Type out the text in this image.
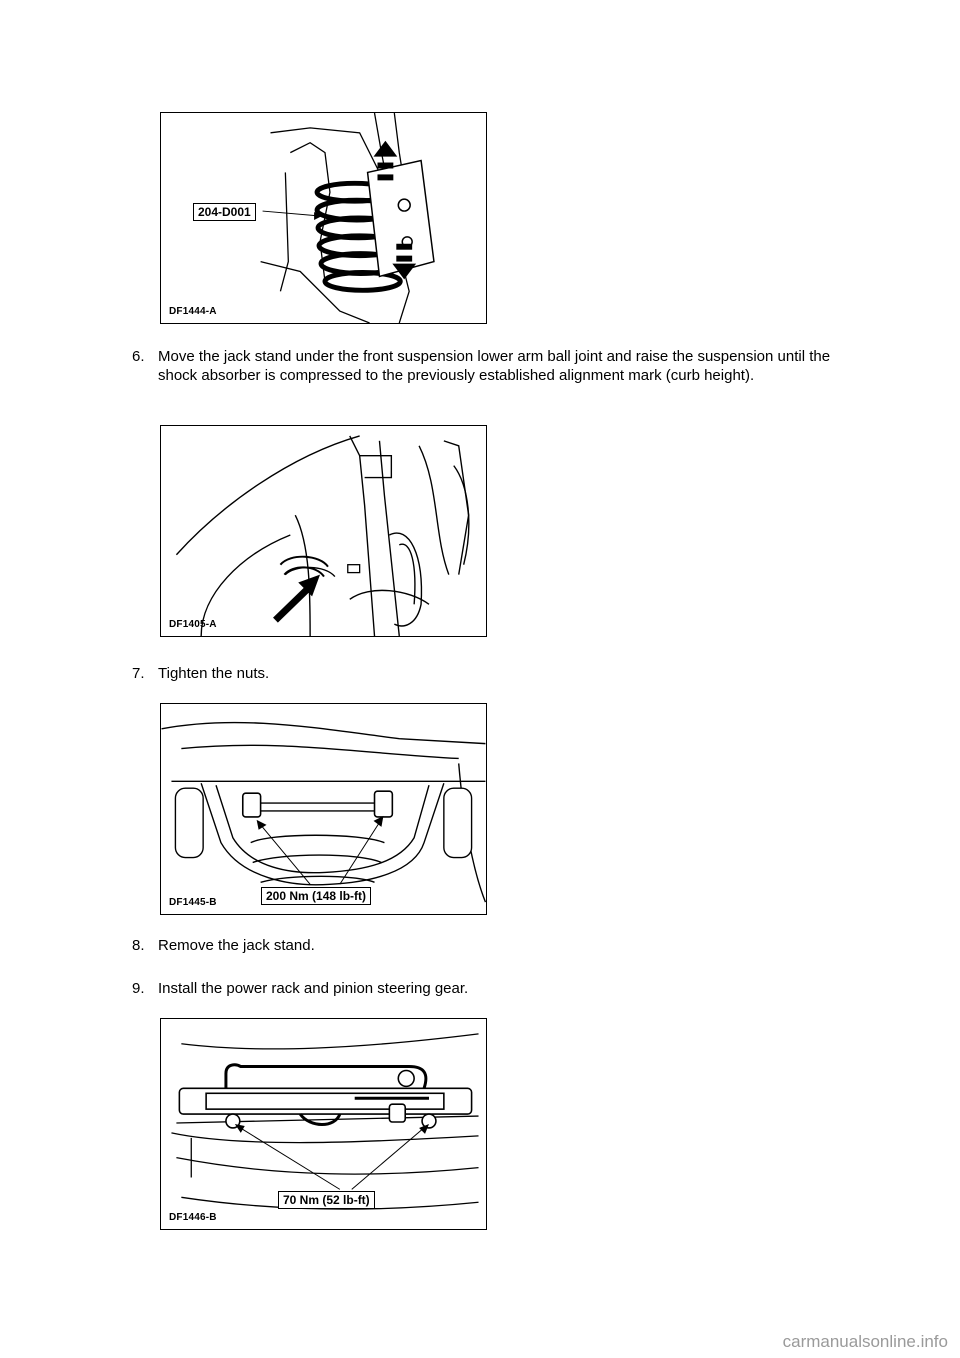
204-D001
DF1444-A
6. Move the jack stand under the front suspension lower arm ball joint and raise the suspension until the shock absorber is compressed to the previously established alignment mark (curb height).
DF1405-A
7. Tighten the nuts.
200 Nm (148 lb-ft)
DF1445-B
8. Remove the jack stand.
9. Install the power rack and pinion steering gear.
70 Nm (52 lb-ft)
DF1446-B
carmanualsonline.info
